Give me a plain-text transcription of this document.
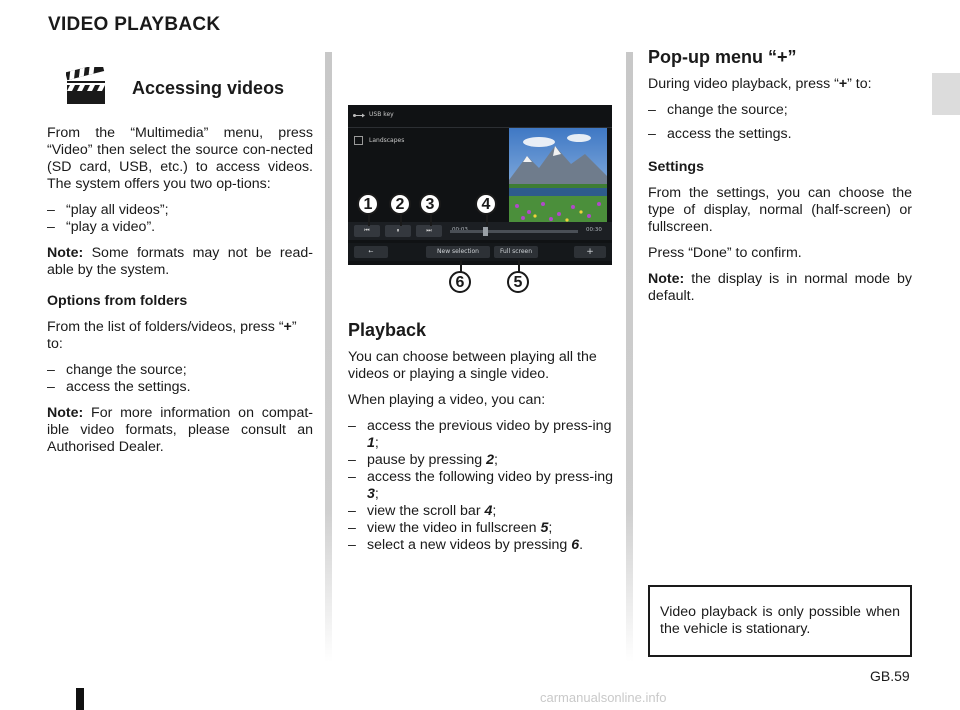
VIDEO PLAYBACK
Accessing videos

From the “Multimedia” menu, press “Video” then select the source con-nected (SD card, USB, etc.) to access videos. The system offers you two op-tions:

– “play all videos”;
– “play a video”.

Note: Some formats may not be read-able by the system.

Options from folders

From the list of folders/videos, press “+” to:

– change the source;
– access the settings.

Note: For more information on compat-ible video formats, please consult an Authorised Dealer.

USB key
Landscapes
⏮	⏸	⏭	00:30
←	New selection	Full screen	+
1	2	3	4
6	5
Playback

You can choose between playing all the videos or playing a single video.

When playing a video, you can:

– access the previous video by press-ing 1;
– pause by pressing 2;
– access the following video by press-ing 3;
– view the scroll bar 4;
– view the video in fullscreen 5;
– select a new videos by pressing 6.
Pop-up menu “+”

During video playback, press “+” to:

– change the source;
– access the settings.

Settings

From the settings, you can choose the type of display, normal (half-screen) or fullscreen.

Press “Done” to confirm.

Note: the display is in normal mode by default.

Video playback is only possible when the vehicle is stationary.
GB.59
carmanualsonline.info
